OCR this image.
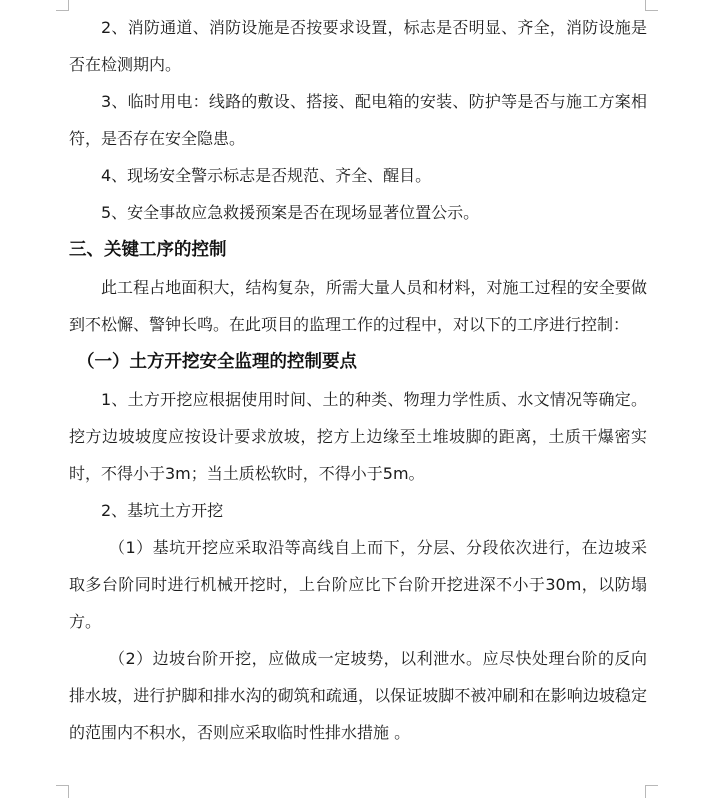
2、消防通道、消防设施是否按要求设置，标志是否明显、齐全，消防设施是否在检测期内。

3、临时用电：线路的敷设、搭接、配电箱的安装、防护等是否与施工方案相符，是否存在安全隐患。

4、现场安全警示标志是否规范、齐全、醒目。

5、安全事故应急救援预案是否在现场显著位置公示。

三、关键工序的控制

此工程占地面积大，结构复杂，所需大量人员和材料，对施工过程的安全要做到不松懈、警钟长鸣。在此项目的监理工作的过程中，对以下的工序进行控制：

（一）土方开挖安全监理的控制要点

1、土方开挖应根据使用时间、土的种类、物理力学性质、水文情况等确定。挖方边坡坡度应按设计要求放坡，挖方上边缘至土堆坡脚的距离，土质干爆密实时，不得小于3m；当土质松软时，不得小于5m。

2、基坑土方开挖

（1）基坑开挖应采取沿等高线自上而下，分层、分段依次进行，在边坡采取多台阶同时进行机械开挖时，上台阶应比下台阶开挖进深不小于30m，以防塌方。

（2）边坡台阶开挖，应做成一定坡势，以利泄水。应尽快处理台阶的反向排水坡，进行护脚和排水沟的砌筑和疏通，以保证坡脚不被冲刷和在影响边坡稳定的范围内不积水，否则应采取临时性排水措施 。
